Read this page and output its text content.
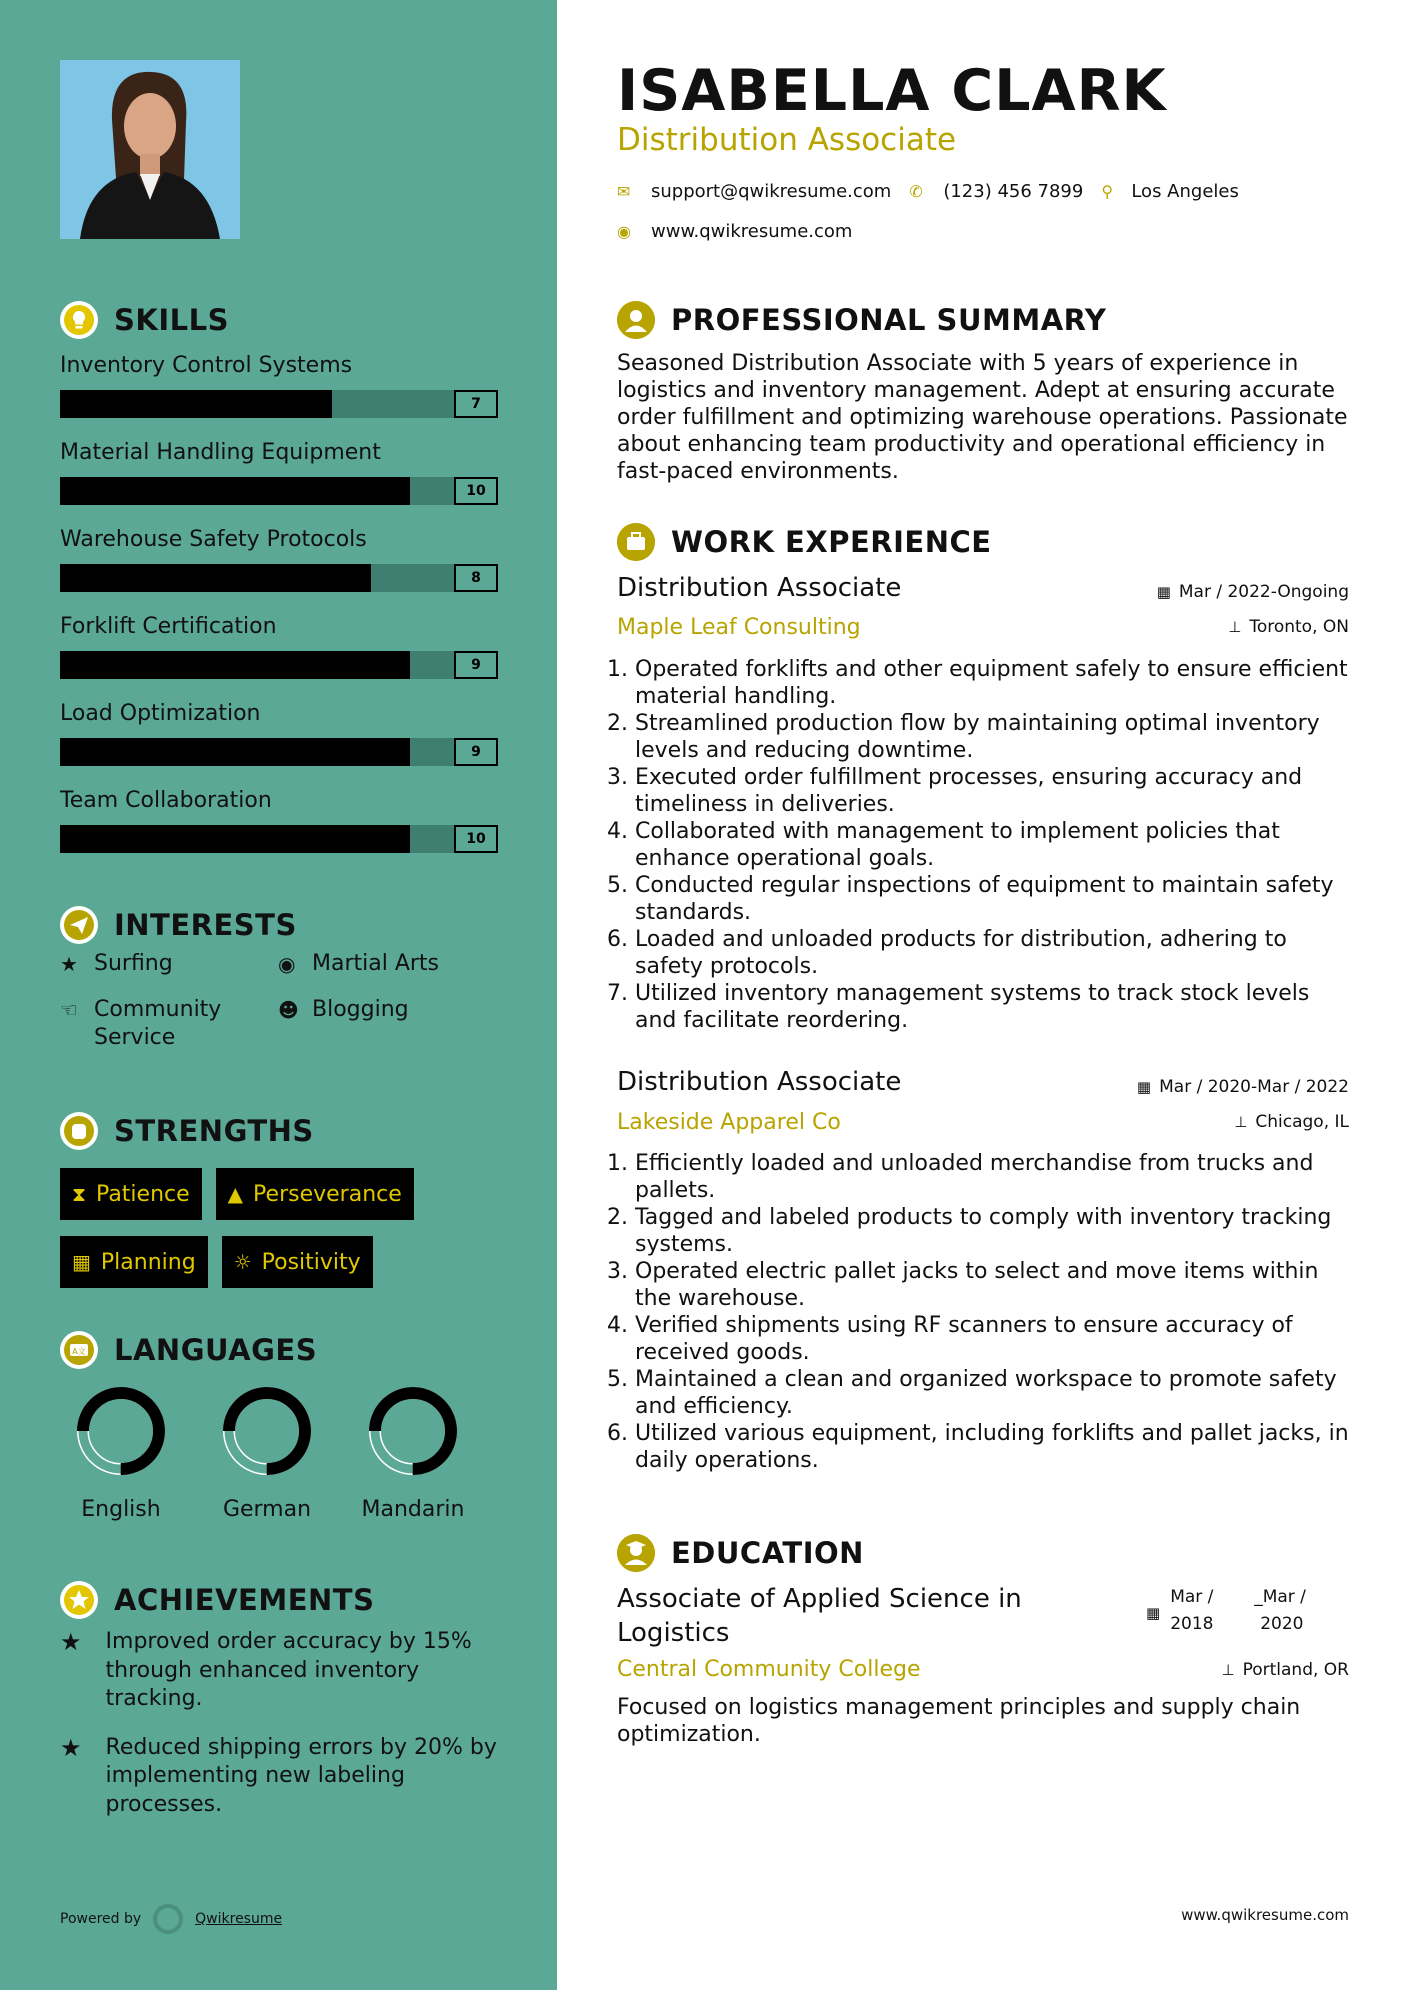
SKILLS
Inventory Control Systems
7
Material Handling Equipment
10
Warehouse Safety Protocols
8
Forklift Certification
9
Load Optimization
9
Team Collaboration
10
INTERESTS
★ Surfing	◉ Martial Arts
☜ Community Service
☻ Blogging
STRENGTHS
⧗ Patience ▲ Perseverance
▦ Planning ☼ Positivity
A文 LANGUAGES
English	German Mandarin
ACHIEVEMENTS
★	Improved order accuracy by 15% through enhanced inventory tracking.
★	Reduced shipping errors by 20% by implementing new labeling processes.
Powered by	Qwikresume
ISABELLA CLARK
Distribution Associate
✉	support@qwikresume.com ✆	(123) 456 7899 ⚲	Los Angeles
◉	www.qwikresume.com
PROFESSIONAL SUMMARY
Seasoned Distribution Associate with 5 years of experience in logistics and inventory management. Adept at ensuring accurate order fulfillment and optimizing warehouse operations. Passionate about enhancing team productivity and operational efficiency in fast-paced environments.
WORK EXPERIENCE
Distribution Associate	▦ Mar / 2022-Ongoing
Maple Leaf Consulting	⊥ Toronto, ON
1. Operated forklifts and other equipment safely to ensure efficient material handling.
2. Streamlined production flow by maintaining optimal inventory levels and reducing downtime.
3. Executed order fulfillment processes, ensuring accuracy and timeliness in deliveries.
4. Collaborated with management to implement policies that enhance operational goals.
5. Conducted regular inspections of equipment to maintain safety standards.
6. Loaded and unloaded products for distribution, adhering to safety protocols.
7. Utilized inventory management systems to track stock levels and facilitate reordering.
Distribution Associate	▦ Mar / 2020-Mar / 2022
Lakeside Apparel Co	⊥ Chicago, IL
1. Efficiently loaded and unloaded merchandise from trucks and pallets.
2. Tagged and labeled products to comply with inventory tracking systems.
3. Operated electric pallet jacks to select and move items within the warehouse.
4. Verified shipments using RF scanners to ensure accuracy of received goods.
5. Maintained a clean and organized workspace to promote safety and efficiency.
6. Utilized various equipment, including forklifts and pallet jacks, in daily operations.
EDUCATION
Associate of Applied Science in Logistics
▦
Mar /
2018
_Mar /
2020
Central Community College	⊥ Portland, OR
Focused on logistics management principles and supply chain optimization.
www.qwikresume.com
